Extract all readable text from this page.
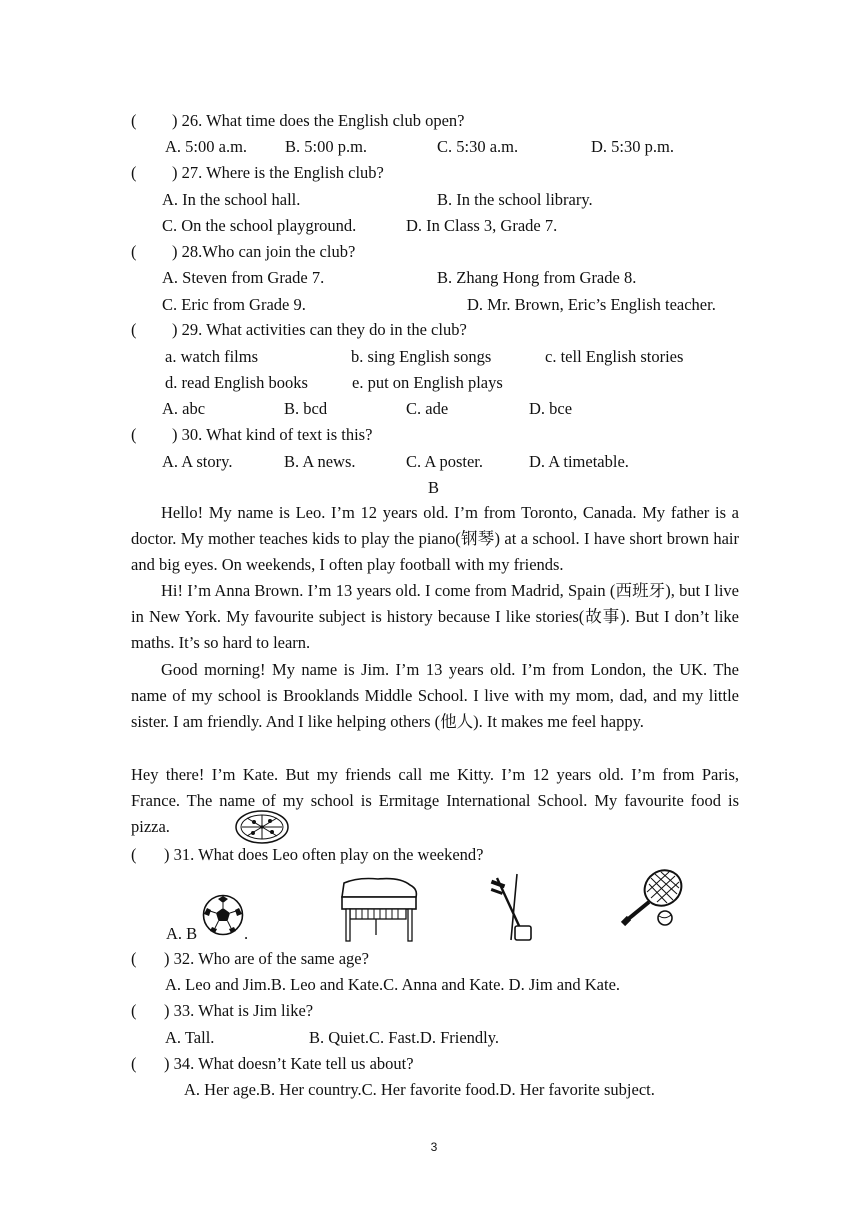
( ) 26. What time does the English club open?
A. 5:00 a.m. B. 5:00 p.m.	C. 5:30 a.m.	D. 5:30 p.m.
( ) 27. Where is the English club?
A. In the school hall.	B. In the school library.
C. On the school playground.	D. In Class 3, Grade 7.
( ) 28.Who can join the club?
A. Steven from Grade 7.	B. Zhang Hong from Grade 8.
C. Eric from Grade 9.	D. Mr. Brown, Eric’s English teacher.
( ) 29. What activities can they do in the club?
a. watch films	b. sing English songs	c. tell English stories
d. read English books	e. put on English plays
A. abc	B. bcd	C. ade	D. bce
( ) 30. What kind of text is this?
A. A story.	B. A news.	C. A poster.	D. A timetable.
B
Hello! My name is Leo. I’m 12 years old. I’m from Toronto, Canada. My father is a doctor. My mother teaches kids to play the piano(钢琴) at a school. I have short brown hair and big eyes. On weekends, I often play football with my friends.
Hi! I’m Anna Brown. I’m 13 years old. I come from Madrid, Spain (西班牙), but I live in New York. My favourite subject is history because I like stories(故事). But I don’t like maths. It’s so hard to learn.
Good morning! My name is Jim. I’m 13 years old. I’m from London, the UK. The name of my school is Brooklands Middle School. I live with my mom, dad, and my little sister. I am friendly. And I like helping others (他人). It makes me feel happy.
Hey there! I’m Kate. But my friends call me Kitty. I’m 12 years old. I’m from Paris, France. The name of my school is Ermitage International School. My favourite food is pizza.
( ) 31. What does Leo often play on the weekend?
A. B	.
( ) 32. Who are of the same age?
A. Leo and Jim.B. Leo and Kate.C. Anna and Kate. D. Jim and Kate.
( ) 33. What is Jim like?
A. Tall.	B. Quiet.C. Fast.D. Friendly.
( ) 34. What doesn’t Kate tell us about?
A. Her age.B. Her country.C. Her favorite food.D. Her favorite subject.
3
